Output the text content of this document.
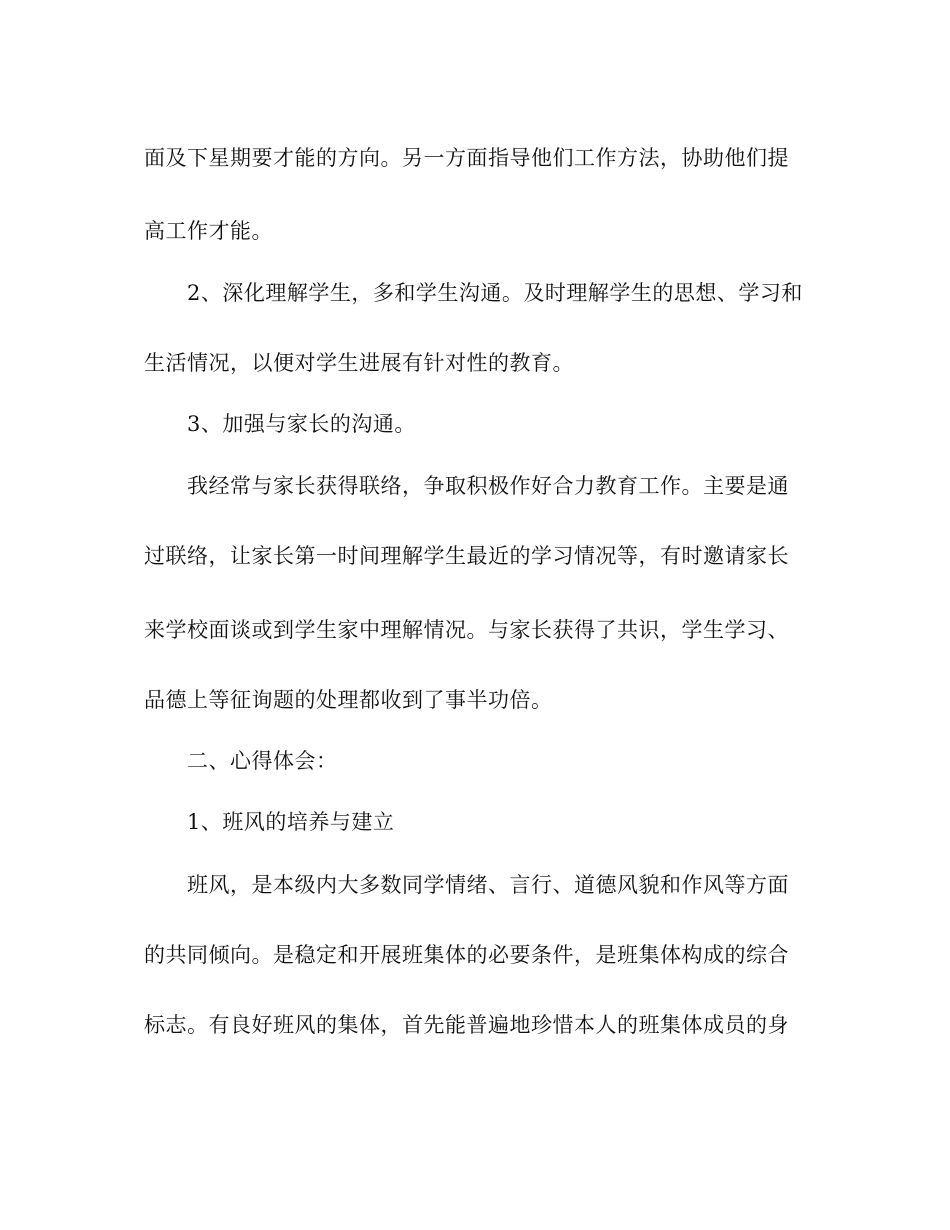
面及下星期要才能的方向。另一方面指导他们工作方法，协助他们提

高工作才能。

2、深化理解学生，多和学生沟通。及时理解学生的思想、学习和

生活情况，以便对学生进展有针对性的教育。

3、加强与家长的沟通。

我经常与家长获得联络，争取积极作好合力教育工作。主要是通

过联络，让家长第一时间理解学生最近的学习情况等，有时邀请家长

来学校面谈或到学生家中理解情况。与家长获得了共识，学生学习、

品德上等征询题的处理都收到了事半功倍。

二、心得体会：

1、班风的培养与建立

班风，是本级内大多数同学情绪、言行、道德风貌和作风等方面

的共同倾向。是稳定和开展班集体的必要条件，是班集体构成的综合

标志。有良好班风的集体，首先能普遍地珍惜本人的班集体成员的身
